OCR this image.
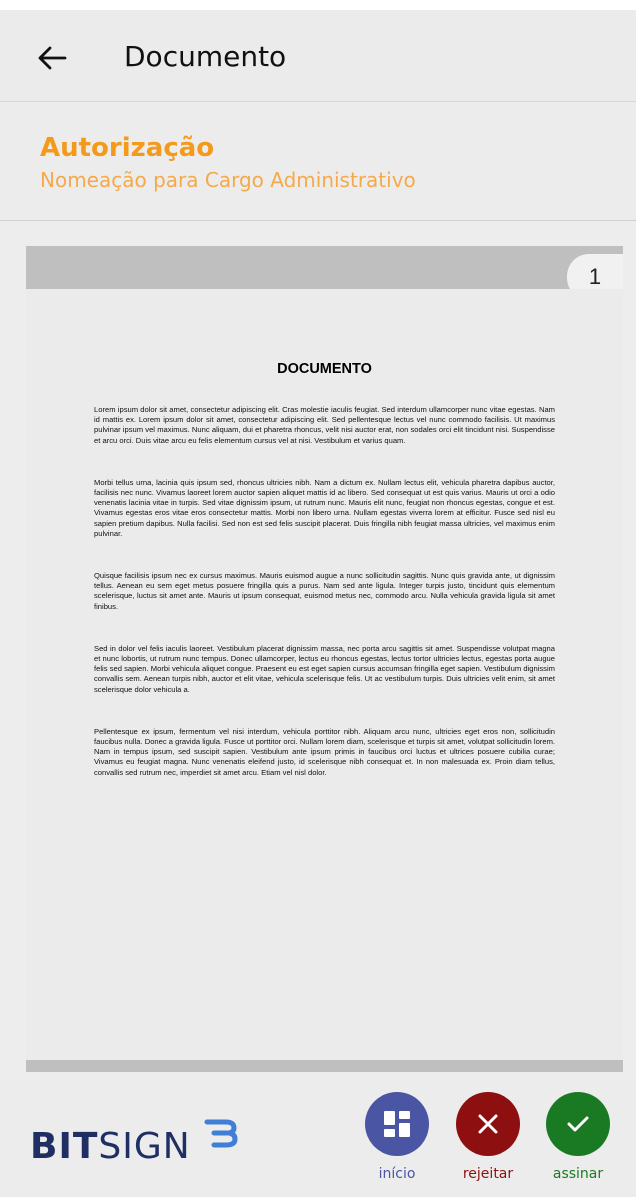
Documento
Autorização
Nomeação para Cargo Administrativo
1
DOCUMENTO

Lorem ipsum dolor sit amet, consectetur adipiscing elit. Cras molestie iaculis feugiat. Sed interdum ullamcorper nunc vitae egestas. Nam id mattis ex. Lorem ipsum dolor sit amet, consectetur adipiscing elit. Sed pellentesque lectus vel nunc commodo facilisis. Ut maximus pulvinar ipsum vel maximus. Nunc aliquam, dui et pharetra rhoncus, velit nisi auctor erat, non sodales orci elit tincidunt nisi. Suspendisse et arcu orci. Duis vitae arcu eu felis elementum cursus vel at nisi. Vestibulum et varius quam.

Morbi tellus urna, lacinia quis ipsum sed, rhoncus ultricies nibh. Nam a dictum ex. Nullam lectus elit, vehicula pharetra dapibus auctor, facilisis nec nunc. Vivamus laoreet lorem auctor sapien aliquet mattis id ac libero. Sed consequat ut est quis varius. Mauris ut orci a odio venenatis lacinia vitae in turpis. Sed vitae dignissim ipsum, ut rutrum nunc. Mauris elit nunc, feugiat non rhoncus egestas, congue et est. Vivamus egestas eros vitae eros consectetur mattis. Morbi non libero urna. Nullam egestas viverra lorem at efficitur. Fusce sed nisl eu sapien pretium dapibus. Nulla facilisi. Sed non est sed felis suscipit placerat. Duis fringilla nibh feugiat massa ultricies, vel maximus enim pulvinar.

Quisque facilisis ipsum nec ex cursus maximus. Mauris euismod augue a nunc sollicitudin sagittis. Nunc quis gravida ante, ut dignissim tellus. Aenean eu sem eget metus posuere fringilla quis a purus. Nam sed ante ligula. Integer turpis justo, tincidunt quis elementum scelerisque, luctus sit amet ante. Mauris ut ipsum consequat, euismod metus nec, commodo arcu. Nulla vehicula gravida ligula sit amet finibus.

Sed in dolor vel felis iaculis laoreet. Vestibulum placerat dignissim massa, nec porta arcu sagittis sit amet. Suspendisse volutpat magna et nunc lobortis, ut rutrum nunc tempus. Donec ullamcorper, lectus eu rhoncus egestas, lectus tortor ultricies lectus, egestas porta augue felis sed sapien. Morbi vehicula aliquet congue. Praesent eu est eget sapien cursus accumsan fringilla eget sapien. Vestibulum dignissim convallis sem. Aenean turpis nibh, auctor et elit vitae, vehicula scelerisque felis. Ut ac vestibulum turpis. Duis ultricies velit enim, sit amet scelerisque dolor vehicula a.

Pellentesque ex ipsum, fermentum vel nisi interdum, vehicula porttitor nibh. Aliquam arcu nunc, ultricies eget eros non, sollicitudin faucibus nulla. Donec a gravida ligula. Fusce ut porttitor orci. Nullam lorem diam, scelerisque et turpis sit amet, volutpat sollicitudin lorem. Nam in tempus ipsum, sed suscipit sapien. Vestibulum ante ipsum primis in faucibus orci luctus et ultrices posuere cubilia curae; Vivamus eu feugiat magna. Nunc venenatis eleifend justo, id scelerisque nibh consequat et. In non malesuada ex. Proin diam tellus, convallis sed rutrum nec, imperdiet sit amet arcu. Etiam vel nisl dolor.

BITSIGN
início	rejeitar	assinar
